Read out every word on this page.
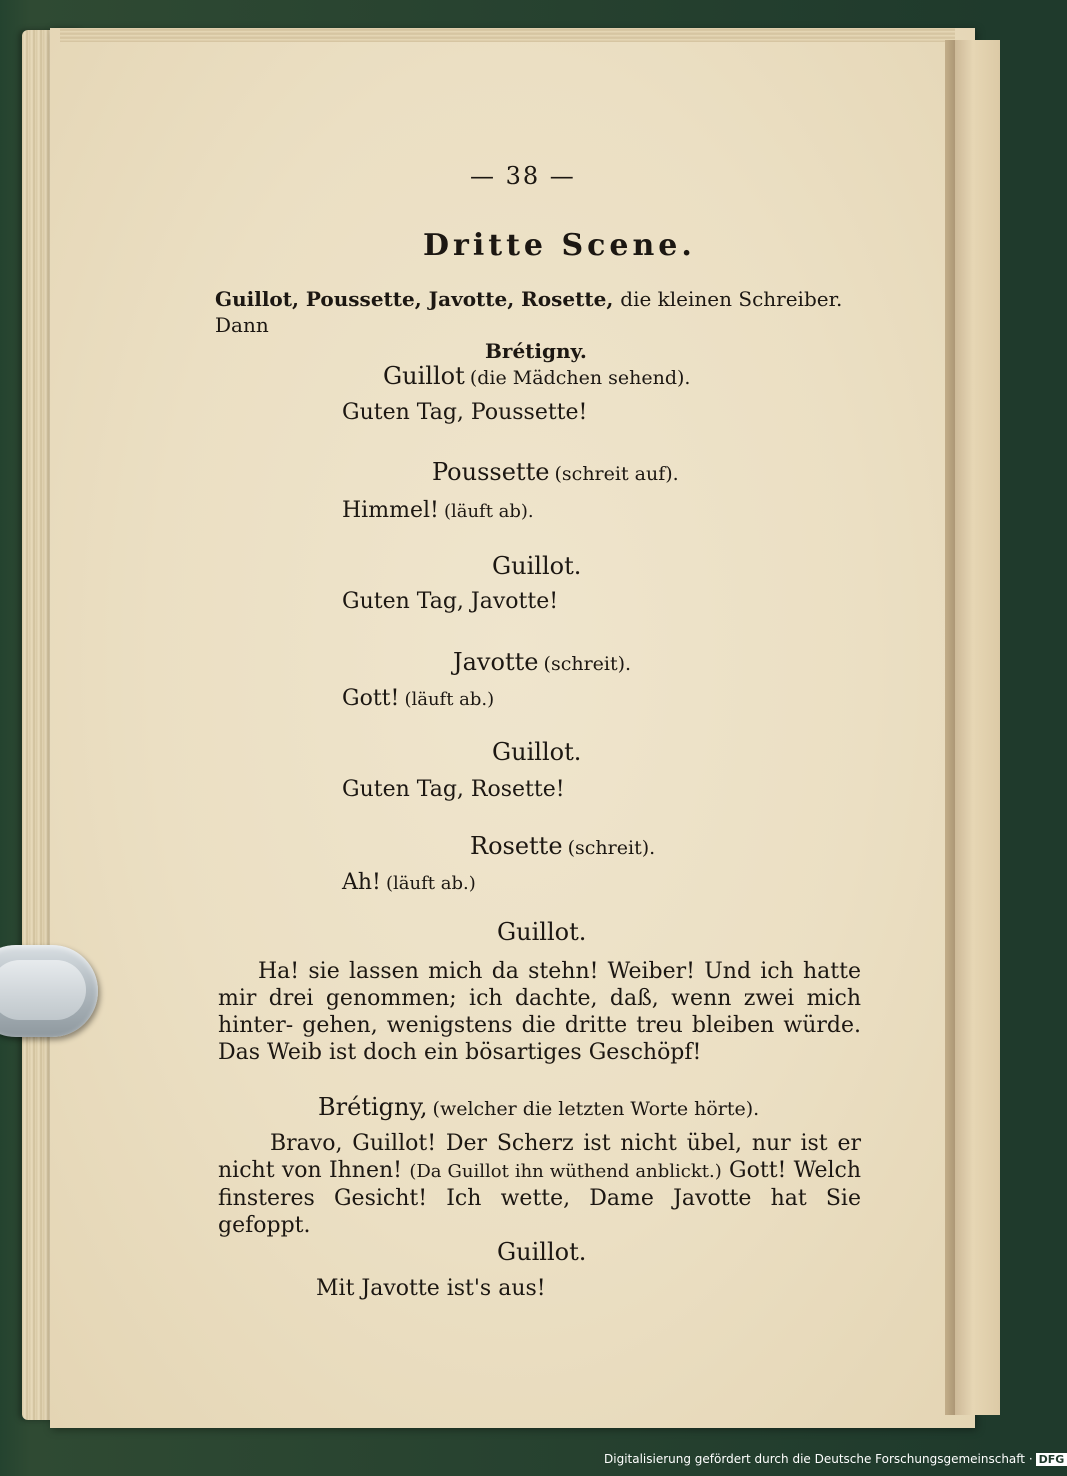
— 38 —
Dritte Scene.
Guillot, Poussette, Javotte, Rosette, die kleinen Schreiber.    Dann
Brétigny.
Guillot (die Mädchen sehend).
Guten Tag, Poussette!
Poussette (schreit auf).
Himmel! (läuft ab).
Guillot.
Guten Tag, Javotte!
Javotte (schreit).
Gott! (läuft ab.)
Guillot.
Guten Tag, Rosette!
Rosette (schreit).
Ah! (läuft ab.)
Guillot.
Ha! sie lassen mich da stehn! Weiber! Und ich hatte mir drei genommen; ich dachte, daß, wenn zwei mich hinter- gehen, wenigstens die dritte treu bleiben würde. Das Weib ist doch ein bösartiges Geschöpf!
Brétigny, (welcher die letzten Worte hörte).
Bravo, Guillot! Der Scherz ist nicht übel, nur ist er nicht von Ihnen! (Da Guillot ihn wüthend anblickt.) Gott! Welch finsteres Gesicht! Ich wette, Dame Javotte hat Sie gefoppt.
Guillot.
Mit Javotte ist's aus!
Digitalisierung gefördert durch die Deutsche Forschungsgemeinschaft · DFG
